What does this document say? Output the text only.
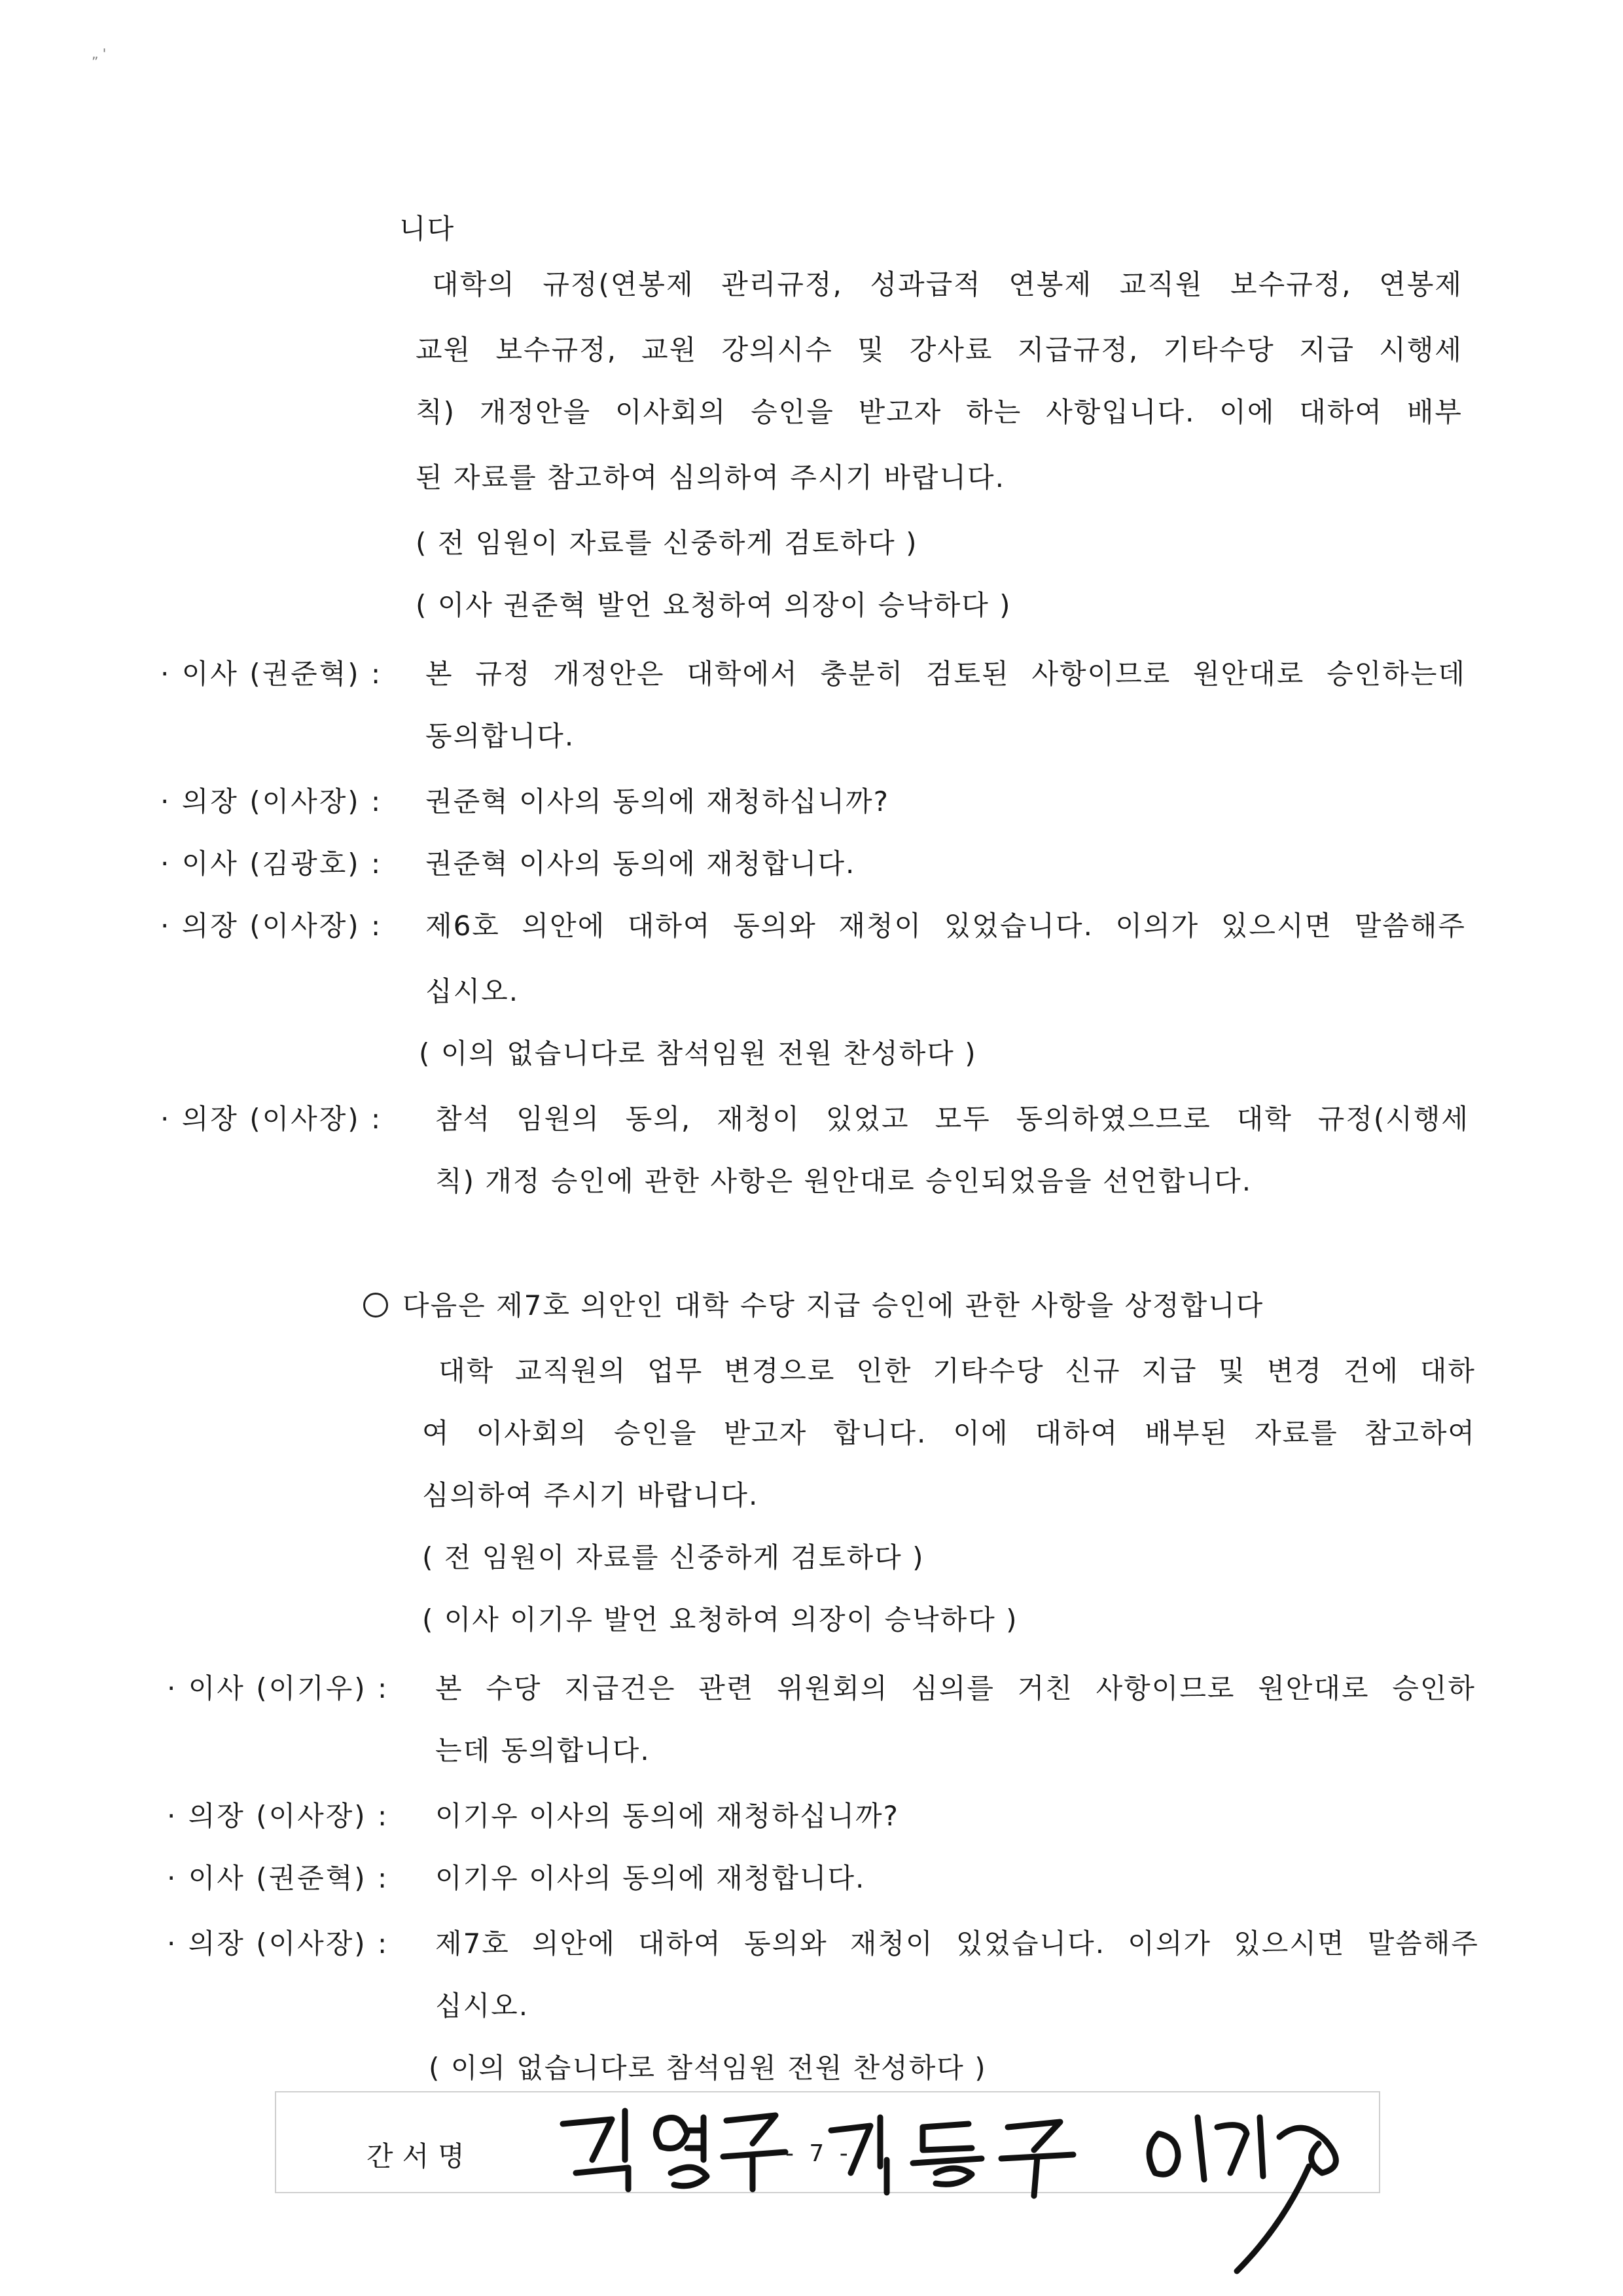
„ '
니다
대학의 규정(연봉제 관리규정, 성과급적 연봉제 교직원 보수규정, 연봉제
교원 보수규정, 교원 강의시수 및 강사료 지급규정, 기타수당 지급 시행세
칙) 개정안을 이사회의 승인을 받고자 하는 사항입니다. 이에 대하여 배부
된 자료를 참고하여 심의하여 주시기 바랍니다.
( 전 임원이 자료를 신중하게 검토하다 )
( 이사 권준혁 발언 요청하여 의장이 승낙하다 )
· 이사 (권준혁) : 본 규정 개정안은 대학에서 충분히 검토된 사항이므로 원안대로 승인하는데
동의합니다.
· 의장 (이사장) : 권준혁 이사의 동의에 재청하십니까?
· 이사 (김광호) : 권준혁 이사의 동의에 재청합니다.
· 의장 (이사장) : 제6호 의안에 대하여 동의와 재청이 있었습니다. 이의가 있으시면 말씀해주
십시오.
( 이의 없습니다로 참석임원 전원 찬성하다 )
· 의장 (이사장) : 참석 임원의 동의, 재청이 있었고 모두 동의하였으므로 대학 규정(시행세
칙) 개정 승인에 관한 사항은 원안대로 승인되었음을 선언합니다.
다음은 제7호 의안인 대학 수당 지급 승인에 관한 사항을 상정합니다
대학 교직원의 업무 변경으로 인한 기타수당 신규 지급 및 변경 건에 대하
여 이사회의 승인을 받고자 합니다. 이에 대하여 배부된 자료를 참고하여
심의하여 주시기 바랍니다.
( 전 임원이 자료를 신중하게 검토하다 )
( 이사 이기우 발언 요청하여 의장이 승낙하다 )
· 이사 (이기우) : 본 수당 지급건은 관련 위원회의 심의를 거친 사항이므로 원안대로 승인하
는데 동의합니다.
· 의장 (이사장) : 이기우 이사의 동의에 재청하십니까?
· 이사 (권준혁) : 이기우 이사의 동의에 재청합니다.
· 의장 (이사장) : 제7호 의안에 대하여 동의와 재청이 있었습니다. 이의가 있으시면 말씀해주
십시오.
( 이의 없습니다로 참석임원 전원 찬성하다 )
간서명	- 7 -
